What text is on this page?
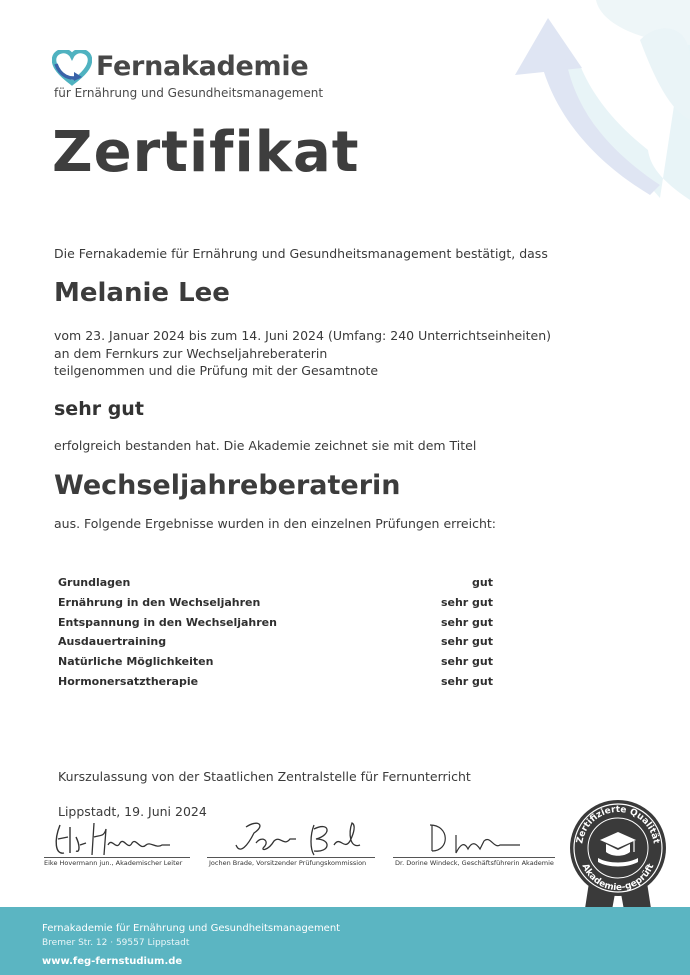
Fernakademie
für Ernährung und Gesundheitsmanagement
Zertifikat
Die Fernakademie für Ernährung und Gesundheitsmanagement bestätigt, dass
Melanie Lee
vom 23. Januar 2024 bis zum 14. Juni 2024 (Umfang: 240 Unterrichtseinheiten)
an dem Fernkurs zur Wechseljahreberaterin
teilgenommen und die Prüfung mit der Gesamtnote
sehr gut
erfolgreich bestanden hat. Die Akademie zeichnet sie mit dem Titel
Wechseljahreberaterin
aus. Folgende Ergebnisse wurden in den einzelnen Prüfungen erreicht:
Grundlagen	gut
Ernährung in den Wechseljahren	sehr gut
Entspannung in den Wechseljahren	sehr gut
Ausdauertraining	sehr gut
Natürliche Möglichkeiten	sehr gut
Hormonersatztherapie	sehr gut
Kurszulassung von der Staatlichen Zentralstelle für Fernunterricht
Lippstadt, 19. Juni 2024
Eike Hovermann jun., Akademischer Leiter	Jochen Brade, Vorsitzender Prüfungskommission	Dr. Dorine Windeck, Geschäftsführerin Akademie
Zertifizierte Qualität
Akademie-geprüft
Fernakademie für Ernährung und Gesundheitsmanagement
Bremer Str. 12 · 59557 Lippstadt
www.feg-fernstudium.de
